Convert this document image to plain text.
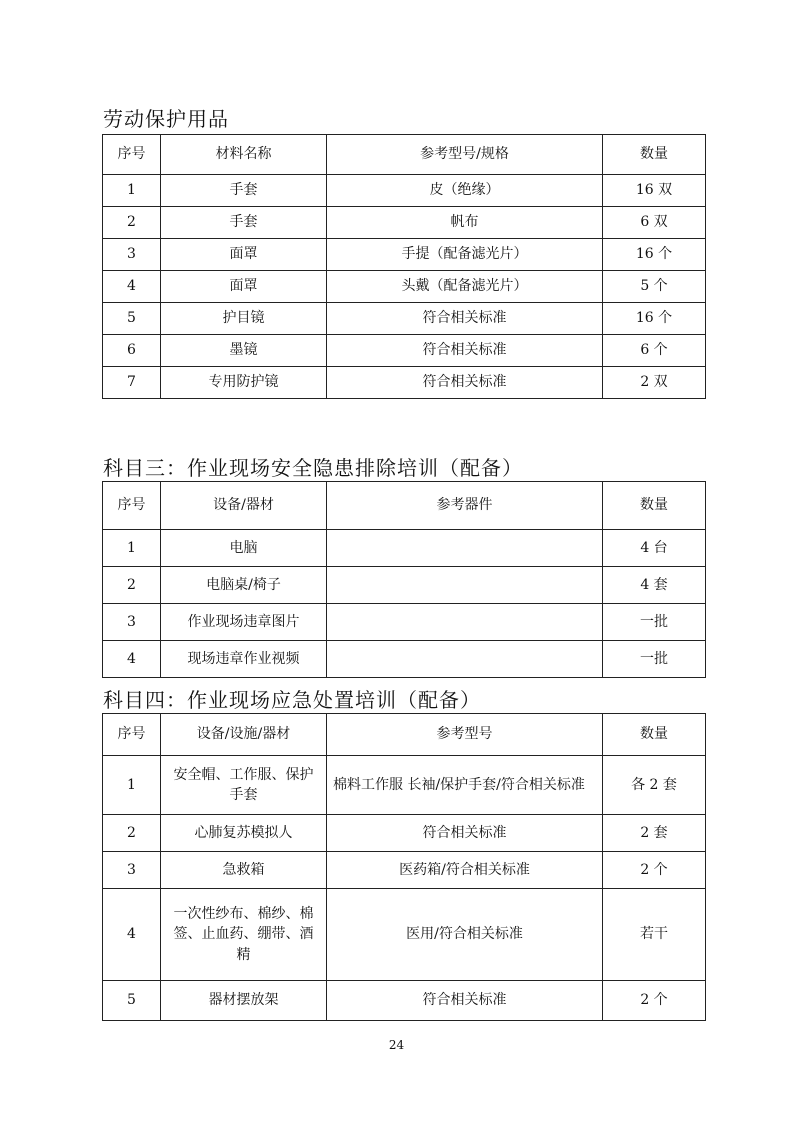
劳动保护用品
序号	材料名称	参考型号/规格	数量
1	手套	皮（绝缘）	16 双
2	手套	帆布	6 双
3	面罩	手提（配备滤光片）	16 个
4	面罩	头戴（配备滤光片）	5 个
5	护目镜	符合相关标准	16 个
6	墨镜	符合相关标准	6 个
7	专用防护镜	符合相关标准	2 双
科目三：作业现场安全隐患排除培训（配备）
序号	设备/器材	参考器件	数量
1	电脑		4 台
2	电脑桌/椅子		4 套
3	作业现场违章图片		一批
4	现场违章作业视频		一批
科目四：作业现场应急处置培训（配备）
序号	设备/设施/器材	参考型号	数量
1	安全帽、工作服、保护手套	棉料工作服 长袖/保护手套/符合相关标准	各 2 套
2	心肺复苏模拟人	符合相关标准	2 套
3	急救箱	医药箱/符合相关标准	2 个
4	一次性纱布、棉纱、棉签、止血药、绷带、酒精	医用/符合相关标准	若干
5	器材摆放架	符合相关标准	2 个
24
